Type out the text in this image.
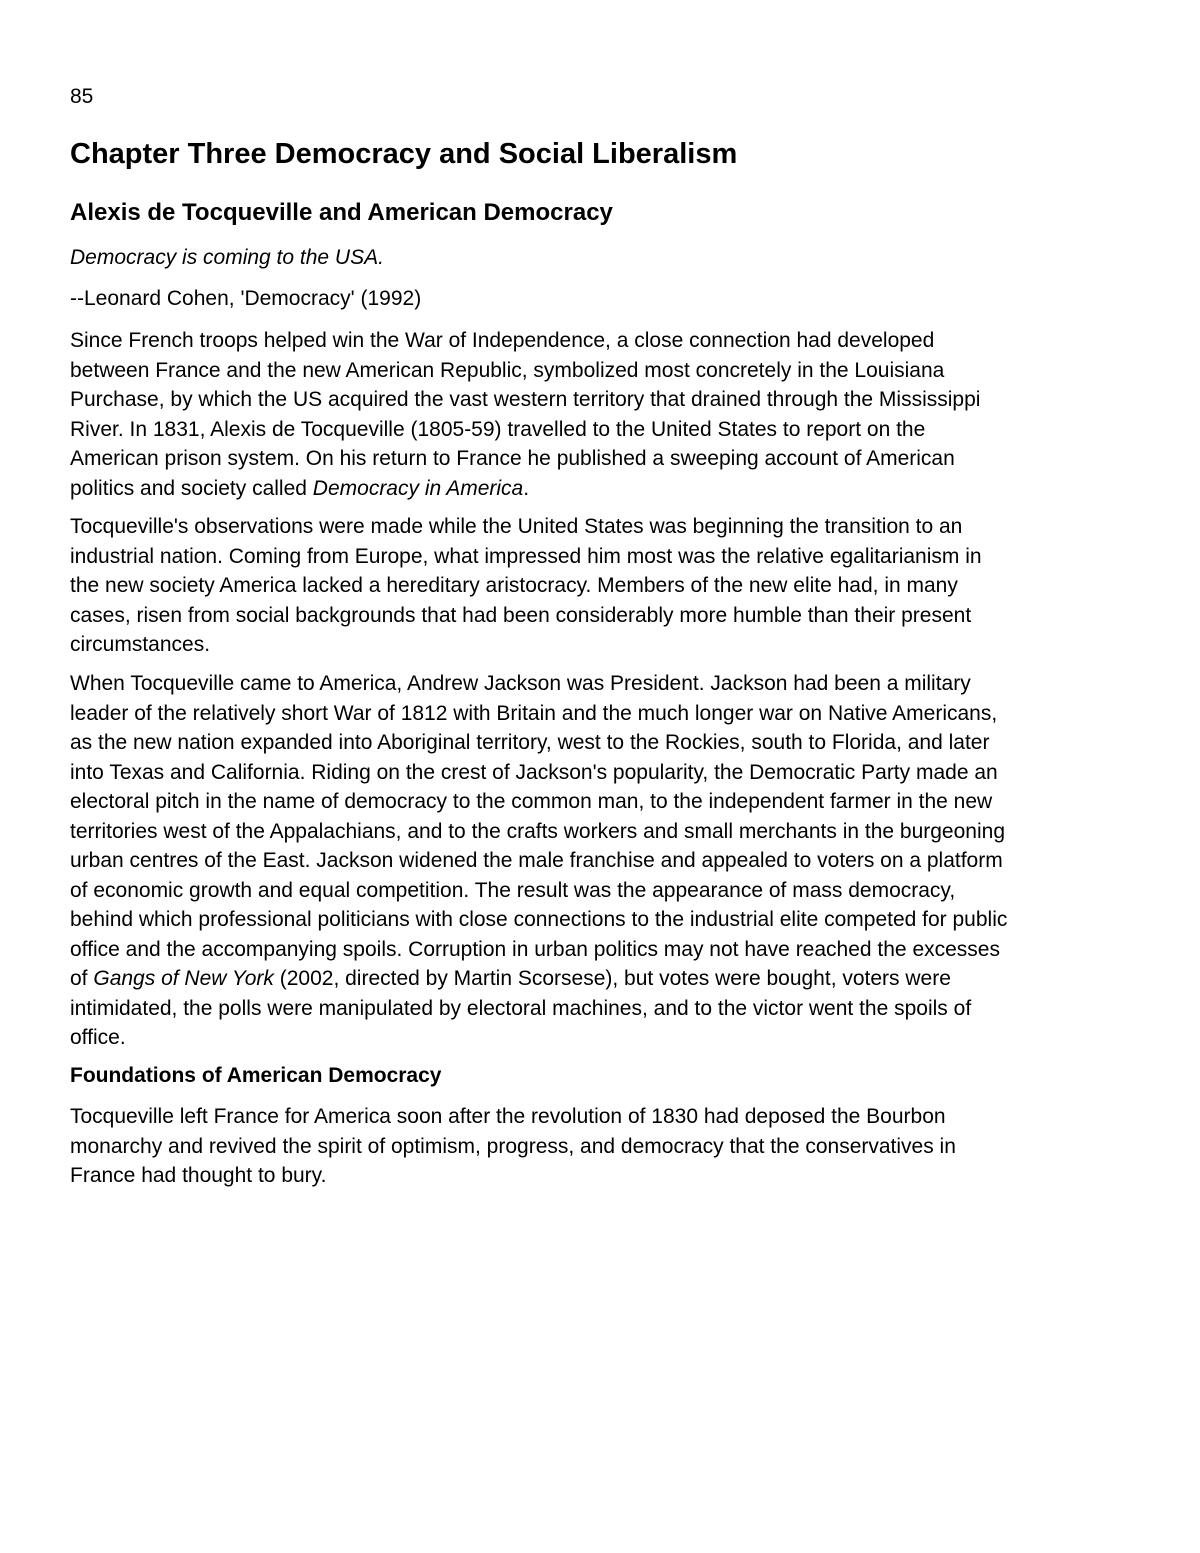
85
Chapter Three Democracy and Social Liberalism
Alexis de Tocqueville and American Democracy

Democracy is coming to the USA.

--Leonard Cohen, 'Democracy' (1992)

Since French troops helped win the War of Independence, a close connection had developed
between France and the new American Republic, symbolized most concretely in the Louisiana
Purchase, by which the US acquired the vast western territory that drained through the Mississippi
River. In 1831, Alexis de Tocqueville (1805-59) travelled to the United States to report on the
American prison system. On his return to France he published a sweeping account of American
politics and society called Democracy in America.

Tocqueville's observations were made while the United States was beginning the transition to an
industrial nation. Coming from Europe, what impressed him most was the relative egalitarianism in
the new society America lacked a hereditary aristocracy. Members of the new elite had, in many
cases, risen from social backgrounds that had been considerably more humble than their present
circumstances.

When Tocqueville came to America, Andrew Jackson was President. Jackson had been a military
leader of the relatively short War of 1812 with Britain and the much longer war on Native Americans,
as the new nation expanded into Aboriginal territory, west to the Rockies, south to Florida, and later
into Texas and California. Riding on the crest of Jackson's popularity, the Democratic Party made an
electoral pitch in the name of democracy to the common man, to the independent farmer in the new
territories west of the Appalachians, and to the crafts workers and small merchants in the burgeoning
urban centres of the East. Jackson widened the male franchise and appealed to voters on a platform
of economic growth and equal competition. The result was the appearance of mass democracy,
behind which professional politicians with close connections to the industrial elite competed for public
office and the accompanying spoils. Corruption in urban politics may not have reached the excesses
of Gangs of New York (2002, directed by Martin Scorsese), but votes were bought, voters were
intimidated, the polls were manipulated by electoral machines, and to the victor went the spoils of
office.

Foundations of American Democracy

Tocqueville left France for America soon after the revolution of 1830 had deposed the Bourbon
monarchy and revived the spirit of optimism, progress, and democracy that the conservatives in
France had thought to bury.
